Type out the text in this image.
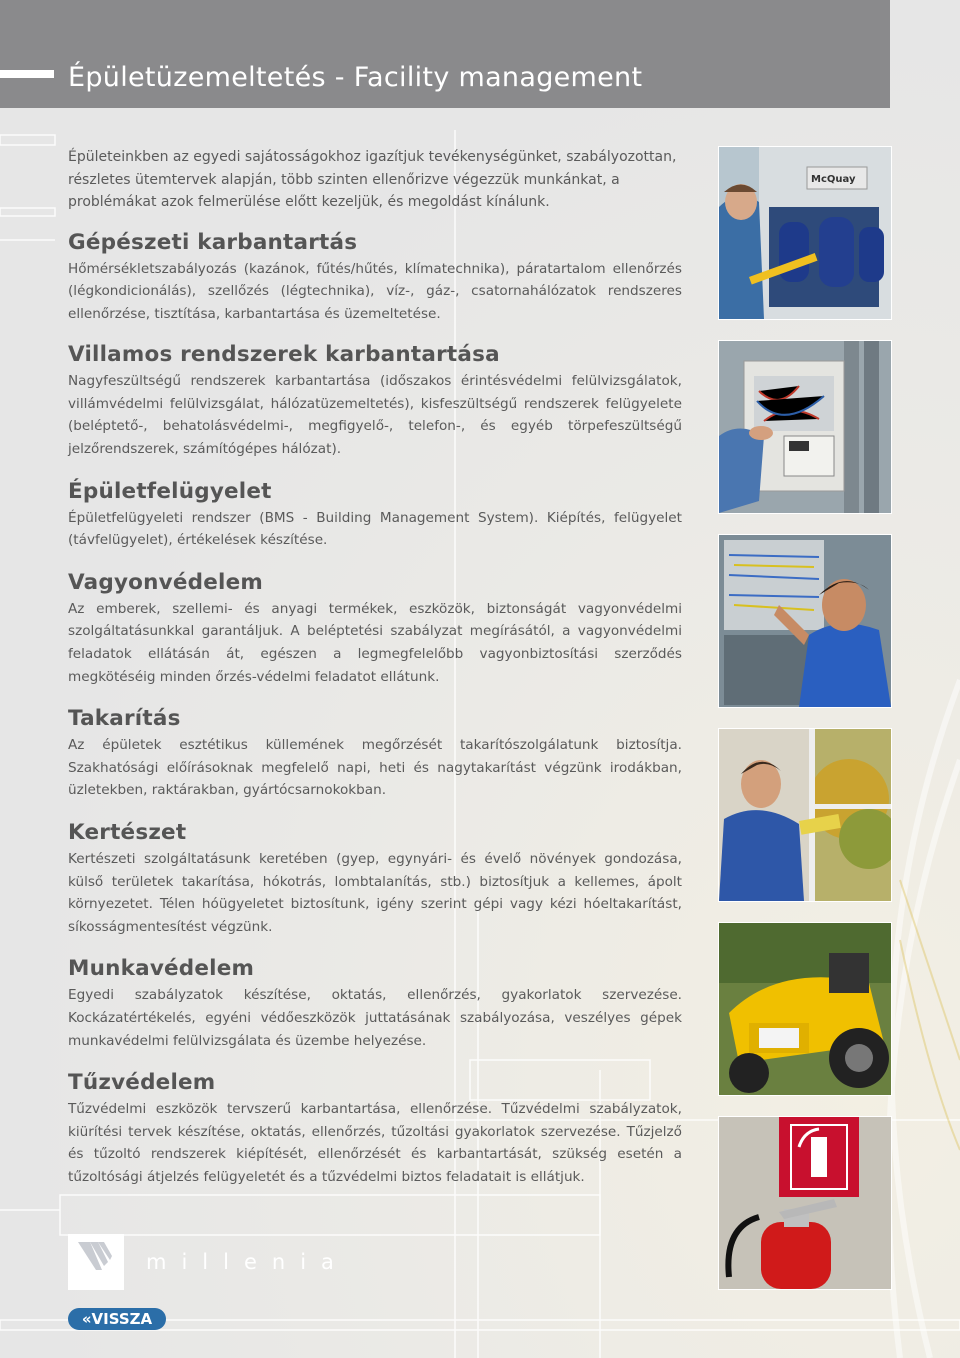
Épületüzemeltetés - Facility management

Épületeinkben az egyedi sajátosságokhoz igazítjuk tevékenységünket, szabályozottan, részletes ütemtervek alapján, több szinten ellenőrizve végezzük munkánkat, a problémákat azok felmerülése előtt kezeljük, és megoldást kínálunk.

Gépészeti karbantartás

Hőmérsékletszabályozás (kazánok, fűtés/hűtés, klímatechnika), páratartalom ellenőrzés (légkondicionálás), szellőzés (légtechnika), víz-, gáz-, csatornahálózatok rendszeres ellenőrzése, tisztítása, karbantartása és üzemeltetése.

Villamos rendszerek karbantartása

Nagyfeszültségű rendszerek karbantartása (időszakos érintésvédelmi felülvizsgálatok, villámvédelmi felülvizsgálat, hálózatüzemeltetés), kisfeszültségű rendszerek felügyelete (beléptető-, behatolásvédelmi-, megfigyelő-, telefon-, és egyéb törpefeszültségű jelzőrendszerek, számítógépes hálózat).

Épületfelügyelet

Épületfelügyeleti rendszer (BMS - Building Management System). Kiépítés, felügyelet (távfelügyelet), értékelések készítése.

Vagyonvédelem

Az emberek, szellemi- és anyagi termékek, eszközök, biztonságát vagyonvédelmi szolgáltatásunkkal garantáljuk. A beléptetési szabályzat megírásától, a vagyonvédelmi feladatok ellátásán át, egészen a legmegfelelőbb vagyonbiztosítási szerződés megkötéséig minden őrzés-védelmi feladatot ellátunk.

Takarítás

Az épületek esztétikus küllemének megőrzését takarítószolgálatunk biztosítja. Szakhatósági előírásoknak megfelelő napi, heti és nagytakarítást végzünk irodákban, üzletekben, raktárakban, gyártócsarnokokban.

Kertészet

Kertészeti szolgáltatásunk keretében (gyep, egynyári- és évelő növények gondozása, külső területek takarítása, hókotrás, lombtalanítás, stb.) biztosítjuk a kellemes, ápolt környezetet. Télen hóügyeletet biztosítunk, igény szerint gépi vagy kézi hóeltakarítást, síkosságmentesítést végzünk.

Munkavédelem

Egyedi szabályzatok készítése, oktatás, ellenőrzés, gyakorlatok szervezése. Kockázatértékelés, egyéni védőeszközök juttatásának szabályozása, veszélyes gépek munkavédelmi felülvizsgálata és üzembe helyezése.

Tűzvédelem

Tűzvédelmi eszközök tervszerű karbantartása, ellenőrzése. Tűzvédelmi szabályzatok, kiürítési tervek készítése, oktatás, ellenőrzés, tűzoltási gyakorlatok szervezése. Tűzjelző és tűzoltó rendszerek kiépítését, ellenőrzését és karbantartását, szükség esetén a tűzoltósági átjelzés felügyeletét és a tűzvédelmi biztos feladatait is ellátjuk.

McQuay
millenia
«VISSZA
